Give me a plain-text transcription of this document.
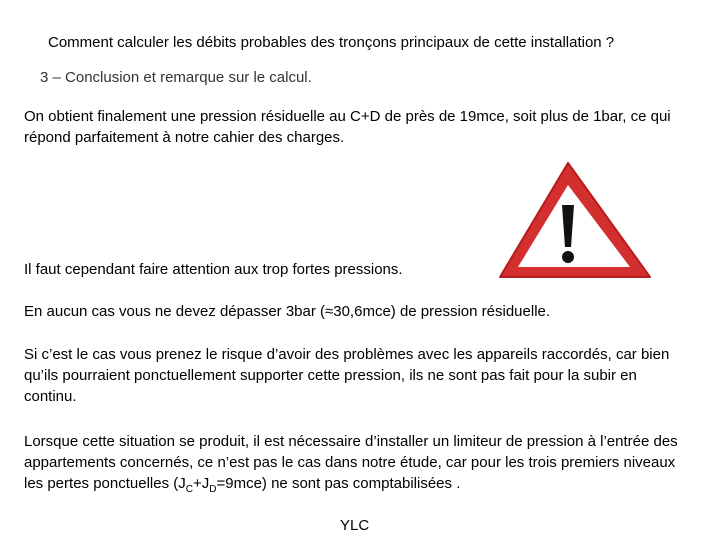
Comment calculer les débits probables des tronçons principaux de cette installation ?
3 – Conclusion et remarque sur le calcul.
On obtient finalement une pression résiduelle au C+D de près de 19mce, soit plus de 1bar, ce qui répond parfaitement à notre cahier des charges.
Il faut cependant faire attention aux trop fortes pressions.
En aucun cas vous ne devez dépasser 3bar (≈30,6mce) de pression résiduelle.
Si c’est le cas vous prenez le risque d’avoir des problèmes avec les appareils raccordés, car bien qu’ils pourraient ponctuellement supporter cette pression, ils ne sont pas fait pour la subir en continu.
Lorsque cette situation se produit, il est nécessaire d’installer un limiteur de pression à l’entrée des appartements concernés, ce n’est pas le cas dans notre étude, car pour les trois premiers niveaux les pertes ponctuelles $(J_C+J_D=9mce)$ ne sont pas comptabilisées .
YLC
